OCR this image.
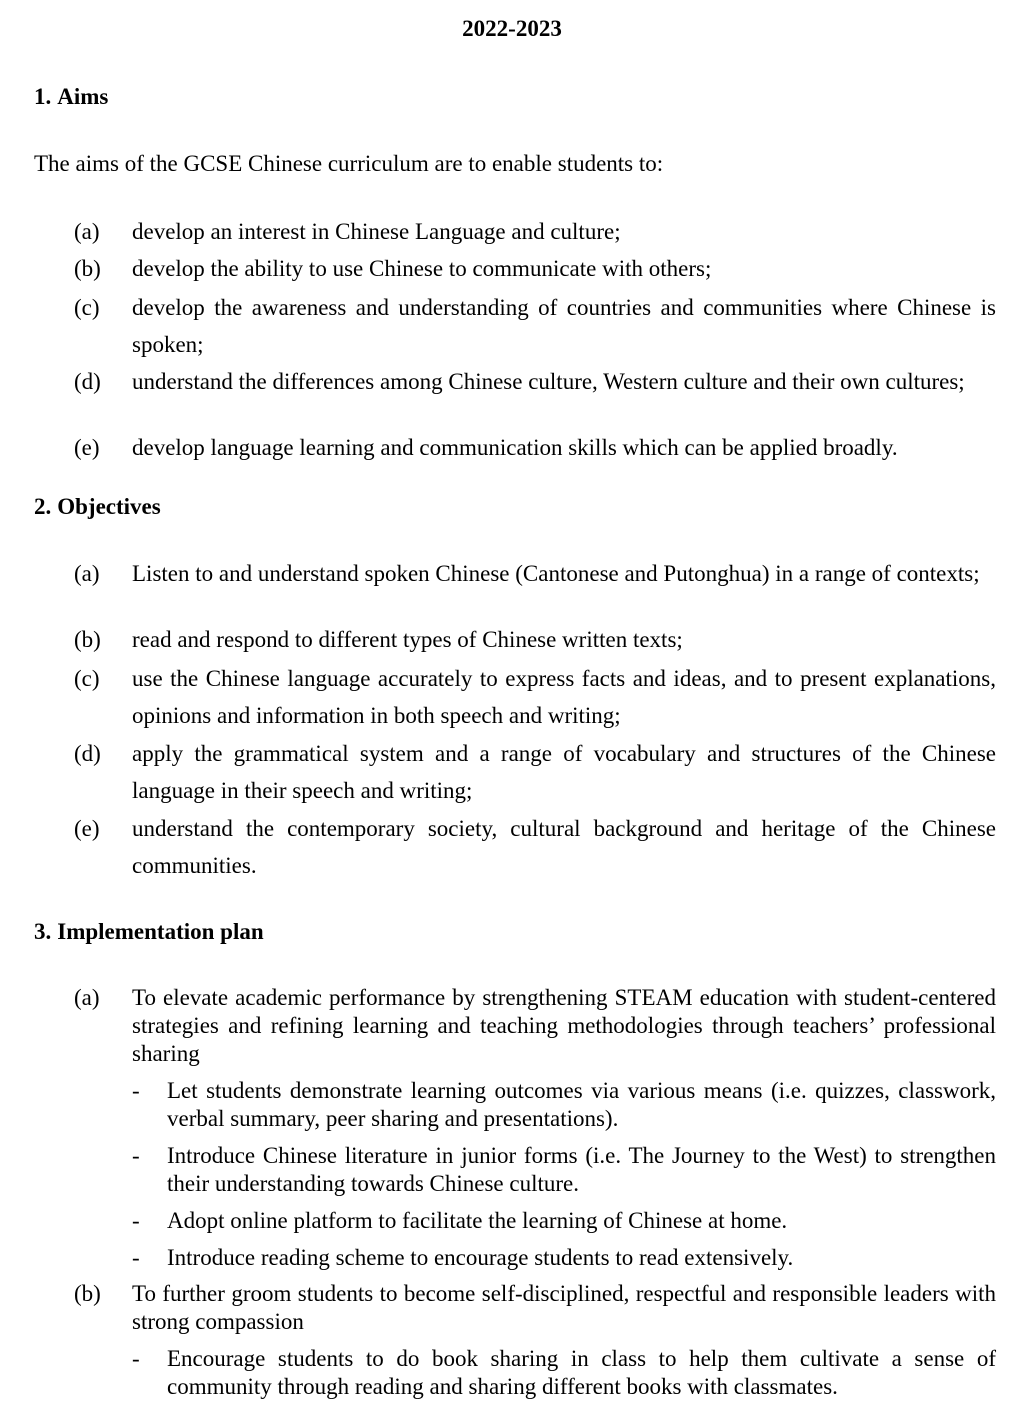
2022-2023
1. Aims
The aims of the GCSE Chinese curriculum are to enable students to:
(a)	develop an interest in Chinese Language and culture;
(b)	develop the ability to use Chinese to communicate with others;
(c)	develop the awareness and understanding of countries and communities where Chinese is spoken;
(d)	understand the differences among Chinese culture, Western culture and their own cultures;
(e)	develop language learning and communication skills which can be applied broadly.
2. Objectives
(a)	Listen to and understand spoken Chinese (Cantonese and Putonghua) in a range of contexts;
(b)	read and respond to different types of Chinese written texts;
(c)	use the Chinese language accurately to express facts and ideas, and to present explanations, opinions and information in both speech and writing;
(d)	apply the grammatical system and a range of vocabulary and structures of the Chinese language in their speech and writing;
(e)	understand the contemporary society, cultural background and heritage of the Chinese communities.
3. Implementation plan
(a)	To elevate academic performance by strengthening STEAM education with student-centered strategies and refining learning and teaching methodologies through teachers’ professional sharing
- Let students demonstrate learning outcomes via various means (i.e. quizzes, classwork, verbal summary, peer sharing and presentations).
- Introduce Chinese literature in junior forms (i.e. The Journey to the West) to strengthen their understanding towards Chinese culture.
- Adopt online platform to facilitate the learning of Chinese at home.
- Introduce reading scheme to encourage students to read extensively.
(b)	To further groom students to become self-disciplined, respectful and responsible leaders with strong compassion
- Encourage students to do book sharing in class to help them cultivate a sense of community through reading and sharing different books with classmates.
